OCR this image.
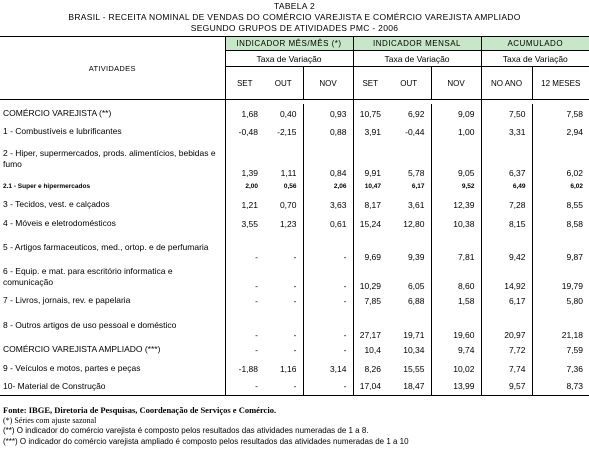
TABELA 2
BRASIL - RECEITA NOMINAL DE VENDAS DO COMÉRCIO VAREJISTA E COMÉRCIO VAREJISTA AMPLIADO
SEGUNDO GRUPOS DE ATIVIDADES PMC - 2006
ATIVIDADES	INDICADOR MÊS/MÊS (*)			INDICADOR MENSAL			ACUMULADO	
	Taxa de Variação			Taxa de Variação			Taxa de Variação	
	SET	OUT	NOV	SET	OUT	NOV	NO ANO	12 MESES

COMÉRCIO VAREJISTA (**)	1,68	0,40	0,93	10,75	6,92	9,09	7,50	7,58
1 - Combustíveis e lubrificantes	-0,48	-2,15	0,88	3,91	-0,44	1,00	3,31	2,94
2 - Hiper, supermercados, prods. alimentícios, bebidas e fumo	1,39	1,11	0,84	9,91	5,78	9,05	6,37	6,02
2.1 - Super e hipermercados	2,00	0,56	2,06	10,47	6,17	9,52	6,49	6,02
3 - Tecidos, vest. e calçados	1,21	0,70	3,63	8,17	3,61	12,39	7,28	8,55
4 - Móveis e eletrodomésticos	3,55	1,23	0,61	15,24	12,80	10,38	8,15	8,58
5 - Artigos farmaceuticos, med., ortop. e de perfumaria	-	-	-	9,69	9,39	7,81	9,42	9,87
6 - Equip. e mat. para escritório informatica e comunicação	-	-	-	10,29	6,05	8,60	14,92	19,79
7 - Livros, jornais, rev. e papelaria	-	-	-	7,85	6,88	1,58	6,17	5,80
8 - Outros artigos de uso pessoal e doméstico	-	-	-	27,17	19,71	19,60	20,97	21,18
COMÉRCIO VAREJISTA AMPLIADO (***)	-	-	-	10,4	10,34	9,74	7,72	7,59
9 - Veículos e motos, partes e peças	-1,88	1,16	3,14	8,26	15,55	10,02	7,74	7,36
10- Material de Construção	-	-	-	17,04	18,47	13,99	9,57	8,73
Fonte: IBGE, Diretoria de Pesquisas, Coordenação de Serviços e Comércio.
(*) Séries com ajuste sazonal
(**) O indicador do comércio varejista é composto pelos resultados das atividades numeradas de 1 a 8.
(***) O indicador do comércio varejista ampliado é composto pelos resultados das atividades numeradas de 1 a 10
